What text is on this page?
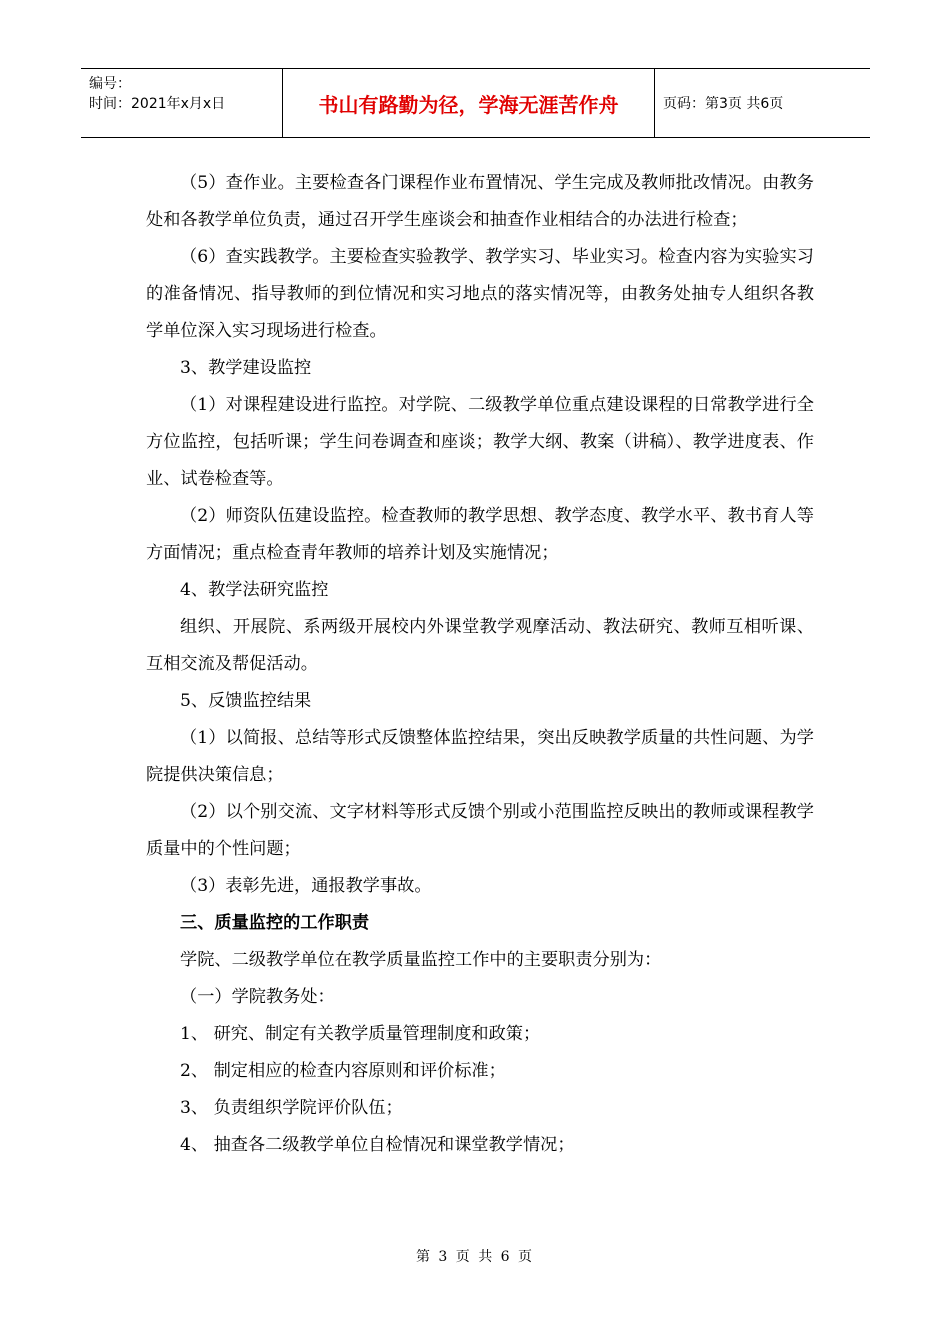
编号：
时间：2021年x月x日	书山有路勤为径，学海无涯苦作舟	页码：第3页 共6页

（5）查作业。主要检查各门课程作业布置情况、学生完成及教师批改情况。由教务处和各教学单位负责，通过召开学生座谈会和抽查作业相结合的办法进行检查；

（6）查实践教学。主要检查实验教学、教学实习、毕业实习。检查内容为实验实习的准备情况、指导教师的到位情况和实习地点的落实情况等，由教务处抽专人组织各教学单位深入实习现场进行检查。

3、教学建设监控

（1）对课程建设进行监控。对学院、二级教学单位重点建设课程的日常教学进行全方位监控，包括听课；学生问卷调查和座谈；教学大纲、教案（讲稿）、教学进度表、作业、试卷检查等。

（2）师资队伍建设监控。检查教师的教学思想、教学态度、教学水平、教书育人等方面情况；重点检查青年教师的培养计划及实施情况；

4、教学法研究监控

组织、开展院、系两级开展校内外课堂教学观摩活动、教法研究、教师互相听课、互相交流及帮促活动。

5、反馈监控结果

（1）以简报、总结等形式反馈整体监控结果，突出反映教学质量的共性问题、为学院提供决策信息；

（2）以个别交流、文字材料等形式反馈个别或小范围监控反映出的教师或课程教学质量中的个性问题；

（3）表彰先进，通报教学事故。

三、质量监控的工作职责

学院、二级教学单位在教学质量监控工作中的主要职责分别为：

（一）学院教务处：

1、 研究、制定有关教学质量管理制度和政策；

2、 制定相应的检查内容原则和评价标准；

3、 负责组织学院评价队伍；

4、 抽查各二级教学单位自检情况和课堂教学情况；

第 3 页 共 6 页
